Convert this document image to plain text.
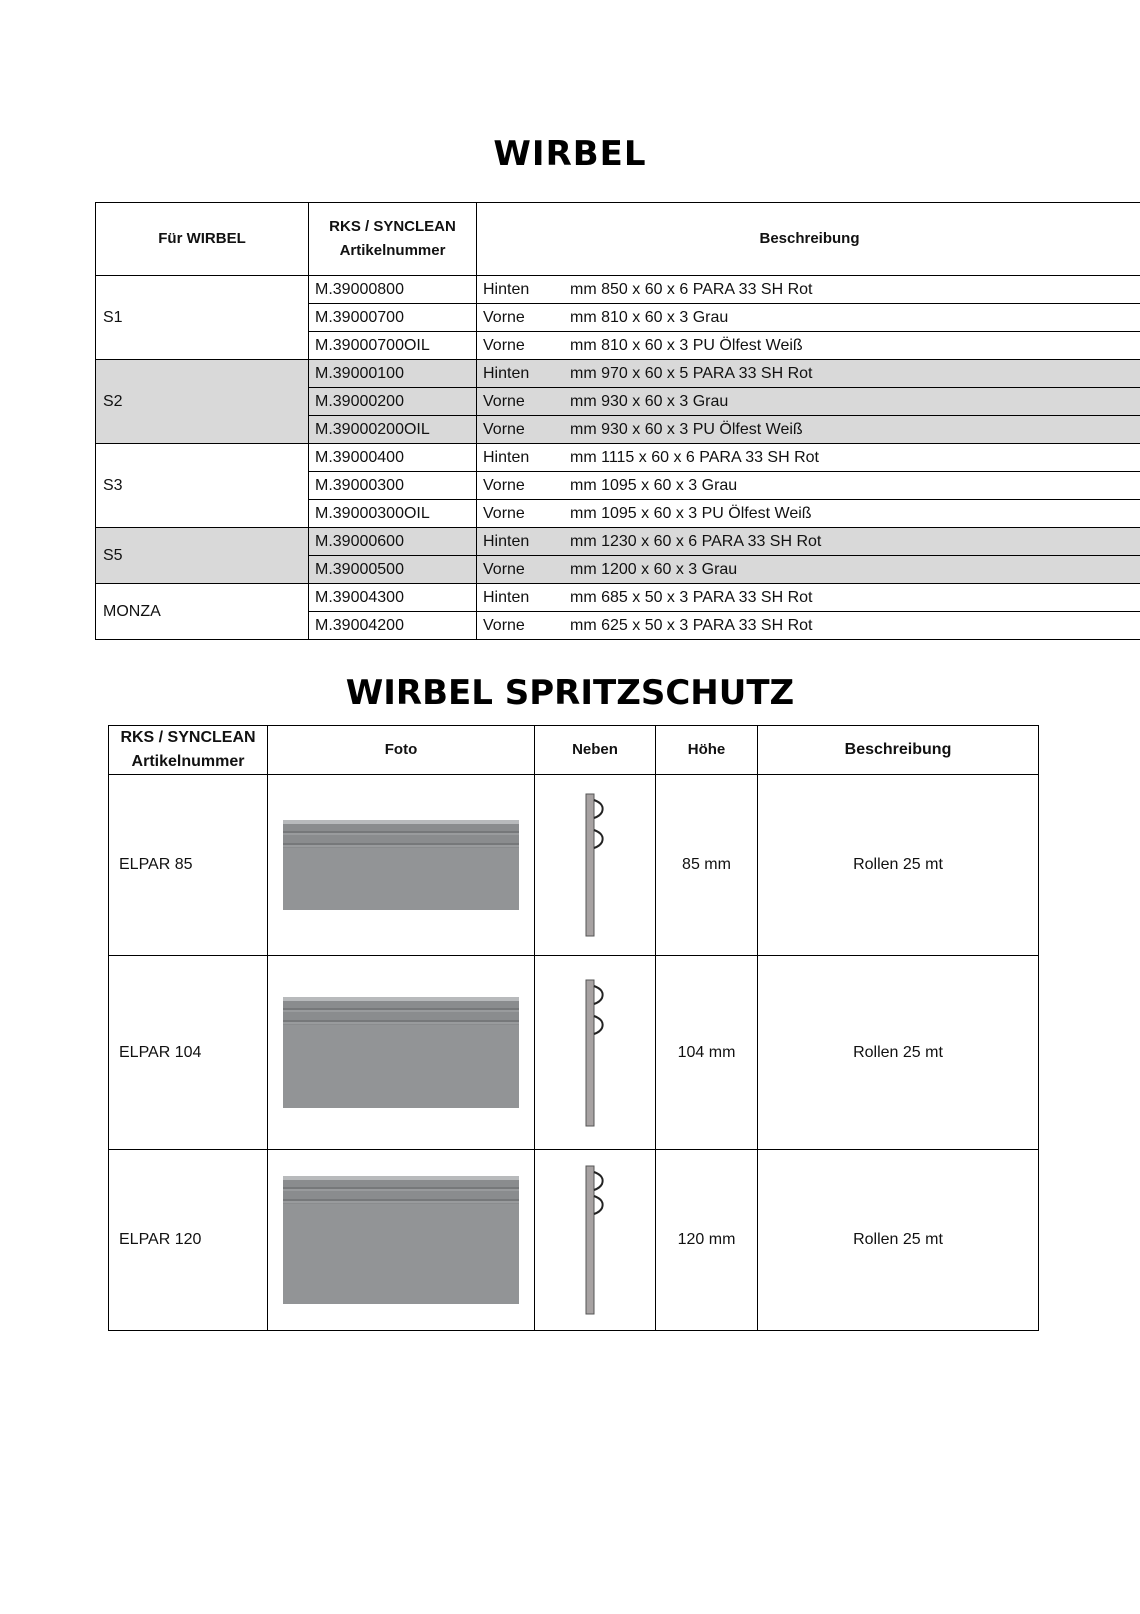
WIRBEL
Für WIRBEL	RKS / SYNCLEAN Artikelnummer	Beschreibung
S1	M.39000800	Hinten mm 850 x 60 x 6 PARA 33 SH Rot
	M.39000700	Vorne mm 810 x 60 x 3 Grau
	M.39000700OIL	Vorne mm 810 x 60 x 3 PU Ölfest Weiß
S2	M.39000100	Hinten mm 970 x 60 x 5 PARA 33 SH Rot
	M.39000200	Vorne mm 930 x 60 x 3 Grau
	M.39000200OIL	Vorne mm 930 x 60 x 3 PU Ölfest Weiß
S3	M.39000400	Hinten mm 1115 x 60 x 6 PARA 33 SH Rot
	M.39000300	Vorne mm 1095 x 60 x 3 Grau
	M.39000300OIL	Vorne mm 1095 x 60 x 3 PU Ölfest Weiß
S5	M.39000600	Hinten mm 1230 x 60 x 6 PARA 33 SH Rot
	M.39000500	Vorne mm 1200 x 60 x 3 Grau
MONZA	M.39004300	Hinten mm 685 x 50 x 3 PARA 33 SH Rot
	M.39004200	Vorne mm 625 x 50 x 3 PARA 33 SH Rot
WIRBEL SPRITZSCHUTZ
RKS / SYNCLEAN Artikelnummer	Foto	Neben	Höhe	Beschreibung
ELPAR 85			85 mm	Rollen 25 mt
ELPAR 104			104 mm	Rollen 25 mt
ELPAR 120			120 mm	Rollen 25 mt
